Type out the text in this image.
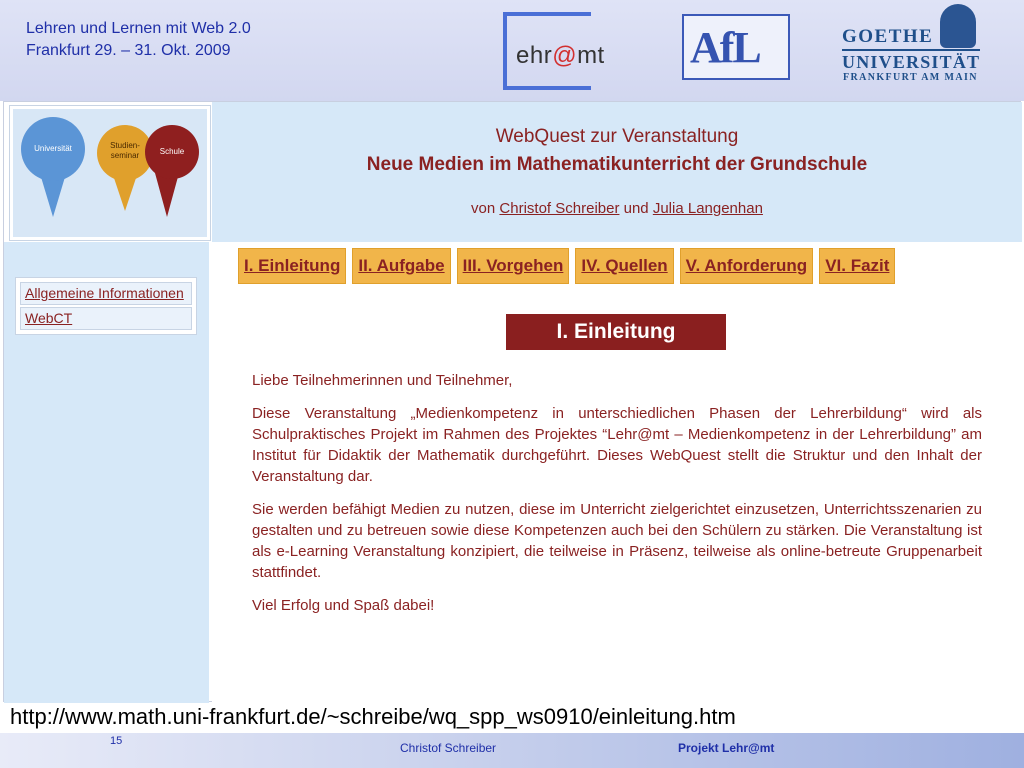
Lehren und Lernen mit Web 2.0
Frankfurt 29. – 31. Okt. 2009	ehr@mt AfL	GOETHE
UNIVERSITÄT
FRANKFURT AM MAIN
Universität	Studien-seminar	Schule
WebQuest zur Veranstaltung
Neue Medien im Mathematikunterricht der Grundschule
von Christof Schreiber und Julia Langenhan
Allgemeine Informationen
WebCT
I. Einleitung	II. Aufgabe	III. Vorgehen	IV. Quellen	V. Anforderung	VI. Fazit
I. Einleitung

Liebe Teilnehmerinnen und Teilnehmer,

Diese Veranstaltung „Medienkompetenz in unterschiedlichen Phasen der Lehrerbildung“ wird als Schulpraktisches Projekt im Rahmen des Projektes “Lehr@mt – Medienkompetenz in der Lehrerbildung” am Institut für Didaktik der Mathematik durchgeführt. Dieses WebQuest stellt die Struktur und den Inhalt der Veranstaltung dar.

Sie werden befähigt Medien zu nutzen, diese im Unterricht zielgerichtet einzusetzen, Unterrichtsszenarien zu gestalten und zu betreuen sowie diese Kompetenzen auch bei den Schülern zu stärken. Die Veranstaltung ist als e-Learning Veranstaltung konzipiert, die teilweise in Präsenz, teilweise als online-betreute Gruppenarbeit stattfindet.

Viel Erfolg und Spaß dabei!

http://www.math.uni-frankfurt.de/~schreibe/wq_spp_ws0910/einleitung.htm
15	Christof Schreiber	Projekt Lehr@mt
